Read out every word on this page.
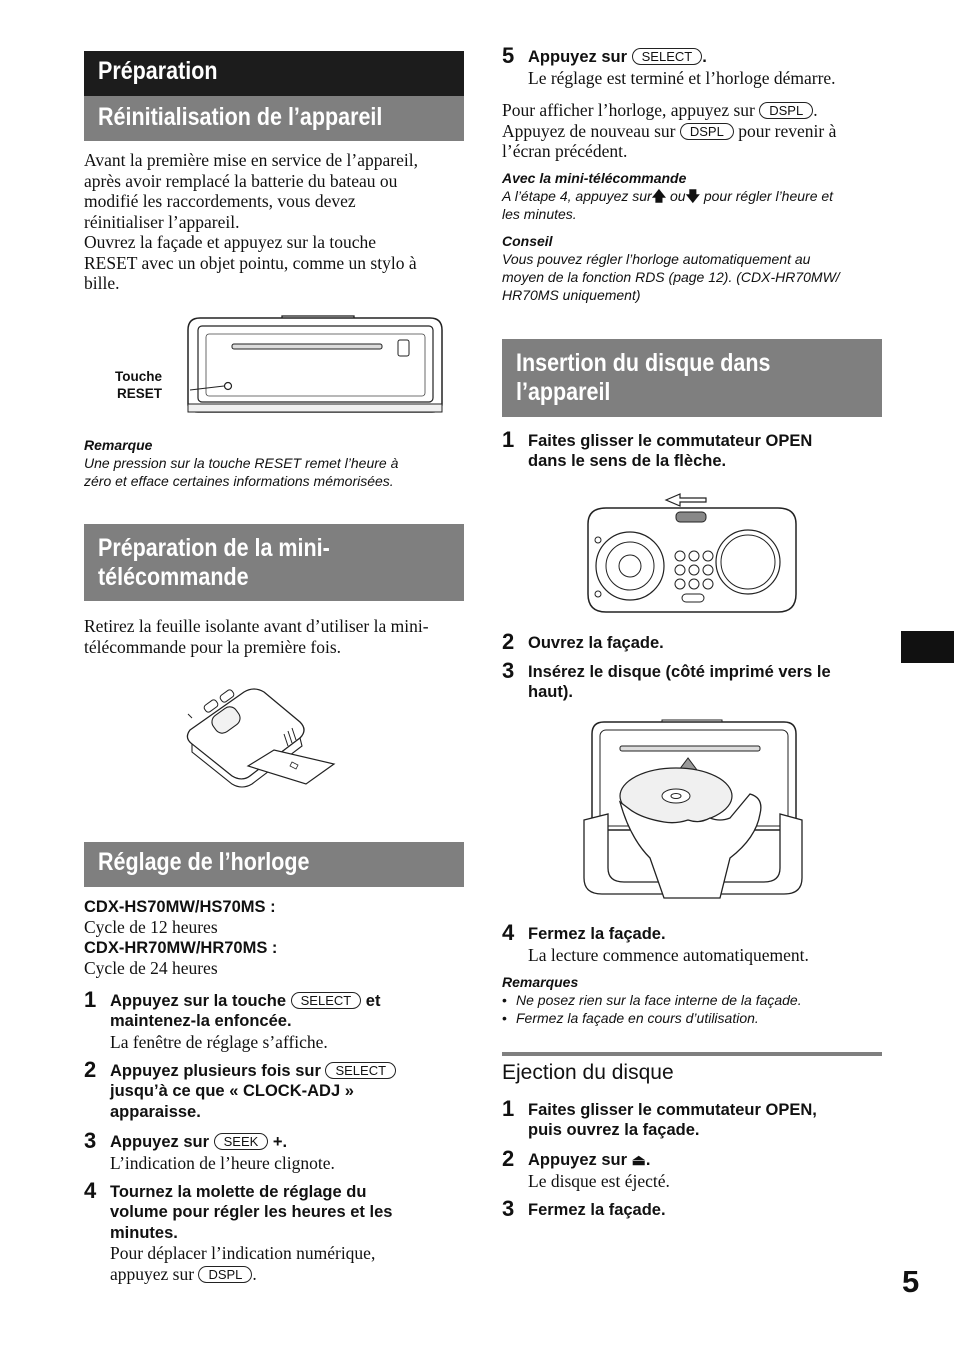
Préparation
Réinitialisation de l’appareil
Avant la première mise en service de l’appareil,
après avoir remplacé la batterie du bateau ou
modifié les raccordements, vous devez
réinitialiser l’appareil.
Ouvrez la façade et appuyez sur la touche
RESET avec un objet pointu, comme un stylo à
bille.
Touche
RESET
Remarque
Une pression sur la touche RESET remet l’heure à
zéro et efface certaines informations mémorisées.
Préparation de la mini-
télécommande
Retirez la feuille isolante avant d’utiliser la mini-
télécommande pour la première fois.
Réglage de l’horloge
CDX-HS70MW/HS70MS :
Cycle de 12 heures
CDX-HR70MW/HR70MS :
Cycle de 24 heures
1 Appuyez sur la touche SELECT et
maintenez-la enfoncée.
La fenêtre de réglage s’affiche.
2 Appuyez plusieurs fois sur SELECT
jusqu’à ce que « CLOCK-ADJ »
apparaisse.
3 Appuyez sur SEEK +.
L’indication de l’heure clignote.
4 Tournez la molette de réglage du
volume pour régler les heures et les
minutes.
Pour déplacer l’indication numérique,
appuyez sur DSPL .
5 Appuyez sur SELECT .
Le réglage est terminé et l’horloge démarre.
Pour afficher l’horloge, appuyez sur DSPL .
Appuyez de nouveau sur DSPL pour revenir à
l’écran précédent.
Avec la mini-télécommande
A l’étape 4, appuyez sur🡅 ou🡇 pour régler l’heure et
les minutes.
Conseil
Vous pouvez régler l’horloge automatiquement au
moyen de la fonction RDS (page 12). (CDX-HR70MW/
HR70MS uniquement)
Insertion du disque dans
l’appareil
1 Faites glisser le commutateur OPEN
dans le sens de la flèche.
2 Ouvrez la façade.
3 Insérez le disque (côté imprimé vers le
haut).
4 Fermez la façade.
La lecture commence automatiquement.
Remarques
• Ne posez rien sur la face interne de la façade.
• Fermez la façade en cours d’utilisation.
Ejection du disque
1 Faites glisser le commutateur OPEN,
puis ouvrez la façade.
2 Appuyez sur ⏏.
Le disque est éjecté.
3 Fermez la façade.
5
